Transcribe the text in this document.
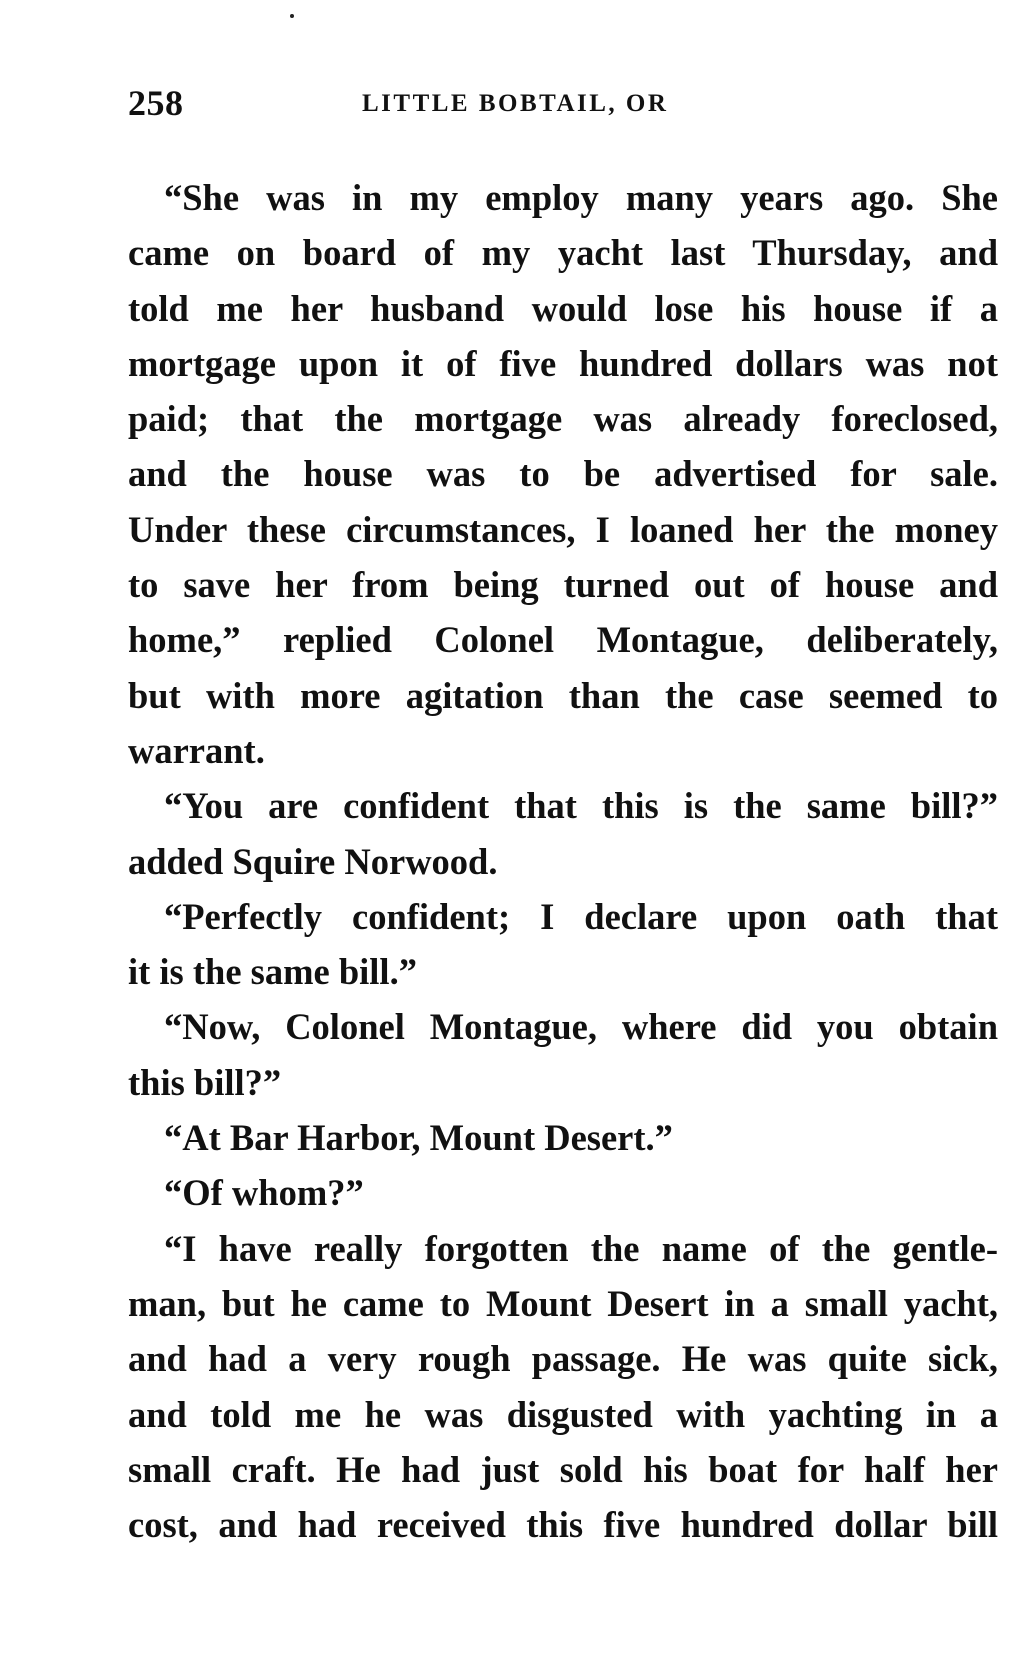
258	LITTLE BOBTAIL, OR

“She was in my employ many years ago. She
came on board of my yacht last Thursday, and
told me her husband would lose his house if a
mortgage upon it of five hundred dollars was not
paid; that the mortgage was already foreclosed,
and the house was to be advertised for sale.
Under these circumstances, I loaned her the money
to save her from being turned out of house and
home,” replied Colonel Montague, deliberately,
but with more agitation than the case seemed to
warrant.

“You are confident that this is the same bill?”
added Squire Norwood.

“Perfectly confident; I declare upon oath that
it is the same bill.”

“Now, Colonel Montague, where did you obtain
this bill?”

“At Bar Harbor, Mount Desert.”

“Of whom?”

“I have really forgotten the name of the gentle-
man, but he came to Mount Desert in a small yacht,
and had a very rough passage. He was quite sick,
and told me he was disgusted with yachting in a
small craft. He had just sold his boat for half her
cost, and had received this five hundred dollar bill
